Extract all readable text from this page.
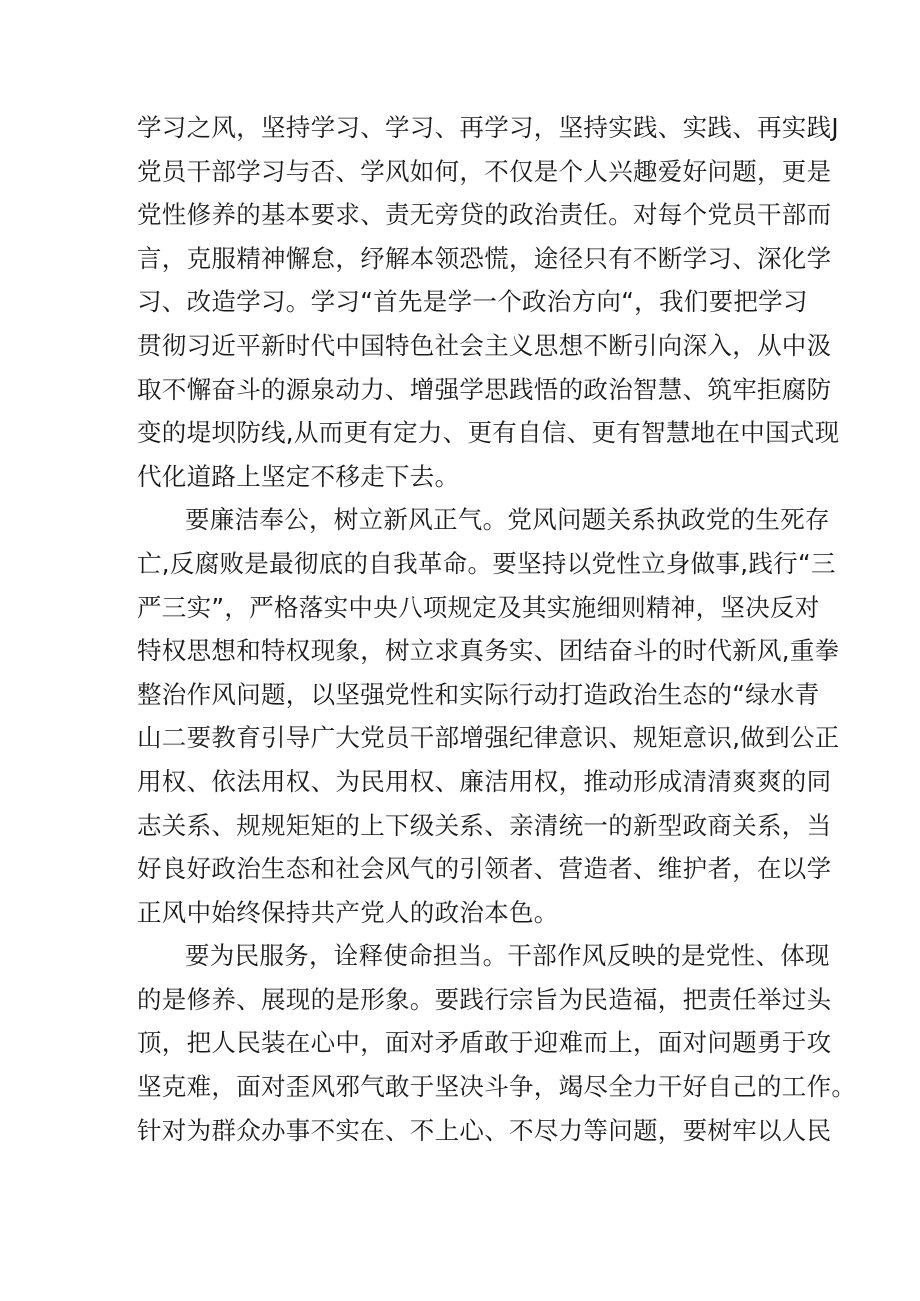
学习之风，坚持学习、学习、再学习，坚持实践、实践、再实践J
党员干部学习与否、学风如何，不仅是个人兴趣爱好问题，更是
党性修养的基本要求、责无旁贷的政治责任。对每个党员干部而
言，克服精神懈怠，纾解本领恐慌，途径只有不断学习、深化学
习、改造学习。学习“首先是学一个政治方向“，我们要把学习
贯彻习近平新时代中国特色社会主义思想不断引向深入，从中汲
取不懈奋斗的源泉动力、增强学思践悟的政治智慧、筑牢拒腐防
变的堤坝防线,从而更有定力、更有自信、更有智慧地在中国式现
代化道路上坚定不移走下去。

要廉洁奉公，树立新风正气。党风问题关系执政党的生死存
亡,反腐败是最彻底的自我革命。要坚持以党性立身做事,践行“三
严三实”，严格落实中央八项规定及其实施细则精神，坚决反对
特权思想和特权现象，树立求真务实、团结奋斗的时代新风,重拳
整治作风问题，以坚强党性和实际行动打造政治生态的“绿水青
山二要教育引导广大党员干部增强纪律意识、规矩意识,做到公正
用权、依法用权、为民用权、廉洁用权，推动形成清清爽爽的同
志关系、规规矩矩的上下级关系、亲清统一的新型政商关系，当
好良好政治生态和社会风气的引领者、营造者、维护者，在以学
正风中始终保持共产党人的政治本色。

要为民服务，诠释使命担当。干部作风反映的是党性、体现
的是修养、展现的是形象。要践行宗旨为民造福，把责任举过头
顶，把人民装在心中，面对矛盾敢于迎难而上，面对问题勇于攻
坚克难，面对歪风邪气敢于坚决斗争，竭尽全力干好自己的工作。
针对为群众办事不实在、不上心、不尽力等问题，要树牢以人民
